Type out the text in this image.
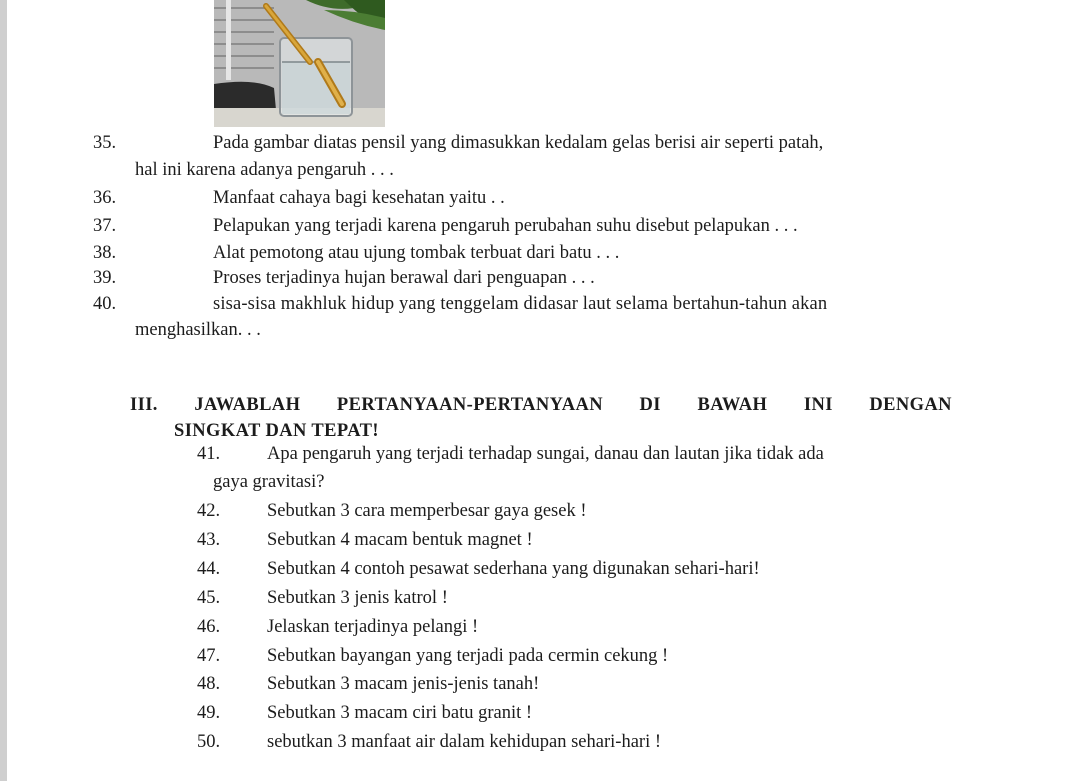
35.	Pada gambar diatas pensil yang dimasukkan kedalam gelas berisi air seperti patah,
hal ini karena adanya pengaruh . . .
36.	Manfaat cahaya bagi kesehatan yaitu . .
37.	Pelapukan yang terjadi karena pengaruh perubahan suhu disebut pelapukan . . .
38.	Alat pemotong atau ujung tombak terbuat dari batu . . .
39.	Proses terjadinya hujan berawal dari penguapan . . .
40.	sisa-sisa makhluk hidup yang tenggelam didasar laut selama bertahun-tahun akan
menghasilkan. . .
III. JAWABLAH PERTANYAAN-PERTANYAAN DI BAWAH INI DENGAN
SINGKAT DAN TEPAT!
41.	Apa pengaruh yang terjadi terhadap sungai, danau dan lautan jika tidak ada
gaya gravitasi?
42.	Sebutkan 3 cara memperbesar gaya gesek !
43.	Sebutkan 4 macam bentuk magnet !
44.	Sebutkan 4 contoh pesawat sederhana yang digunakan sehari-hari!
45.	Sebutkan 3 jenis katrol !
46.	Jelaskan terjadinya pelangi !
47.	Sebutkan bayangan yang terjadi pada cermin cekung !
48.	Sebutkan 3 macam jenis-jenis tanah!
49.	Sebutkan 3 macam ciri batu granit !
50.	sebutkan 3 manfaat air dalam kehidupan sehari-hari !
